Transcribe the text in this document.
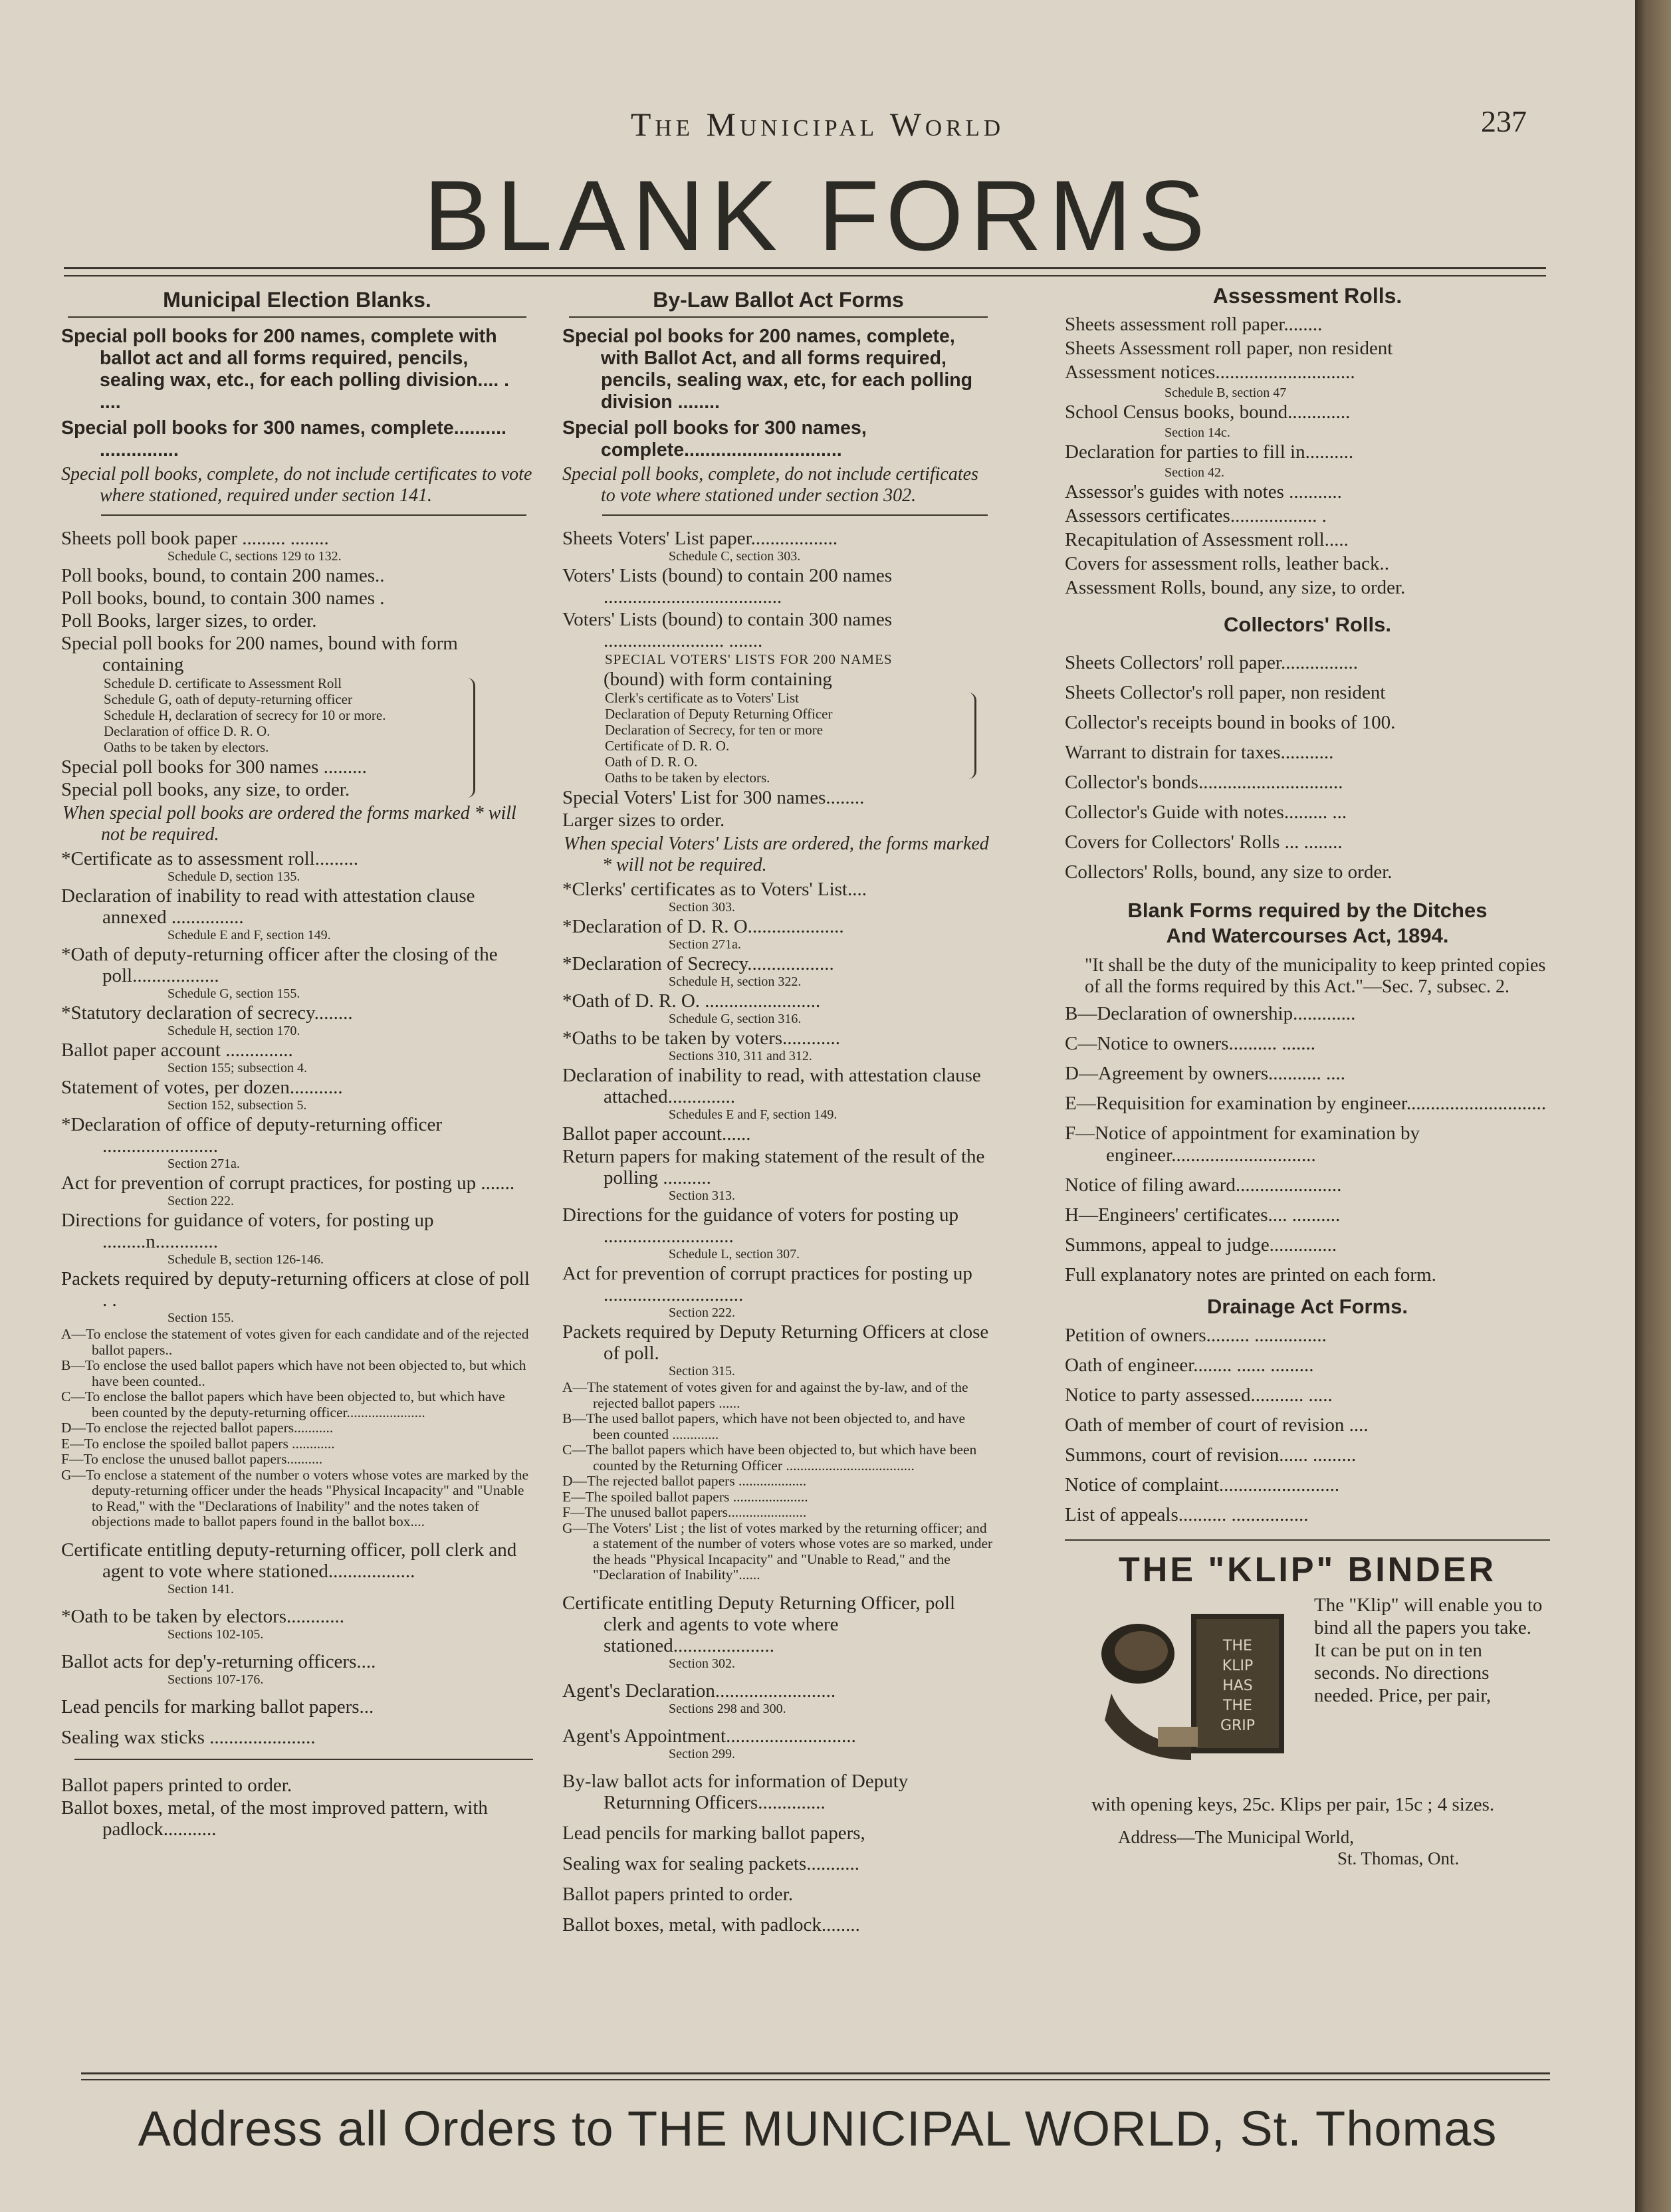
The Municipal World	237
BLANK FORMS
Municipal Election Blanks.
Special poll books for 200 names, complete with ballot act and all forms required, pencils, sealing wax, etc., for each polling division.... . ....
Special poll books for 300 names, complete.......... ...............
Special poll books, complete, do not include certificates to vote where stationed, required under section 141.
Sheets poll book paper ......... ........
Schedule C, sections 129 to 132.
Poll books, bound, to contain 200 names..
Poll books, bound, to contain 300 names .
Poll Books, larger sizes, to order.
Special poll books for 200 names, bound with form containing
Schedule D. certificate to Assessment Roll
Schedule G, oath of deputy-returning officer
Schedule H, declaration of secrecy for 10 or more.
Declaration of office D. R. O.
Oaths to be taken by electors.
Special poll books for 300 names .........
Special poll books, any size, to order.
When special poll books are ordered the forms marked * will not be required.
*Certificate as to assessment roll.........
Schedule D, section 135.
Declaration of inability to read with attestation clause annexed ...............
Schedule E and F, section 149.
*Oath of deputy-returning officer after the closing of the poll..................
Schedule G, section 155.
*Statutory declaration of secrecy........
Schedule H, section 170.
Ballot paper account ..............
Section 155; subsection 4.
Statement of votes, per dozen...........
Section 152, subsection 5.
*Declaration of office of deputy-returning officer ........................
Section 271a.
Act for prevention of corrupt practices, for posting up .......
Section 222.
Directions for guidance of voters, for posting up .........n.............
Schedule B, section 126-146.
Packets required by deputy-returning officers at close of poll . .
Section 155.
A—To enclose the statement of votes given for each candidate and of the rejected ballot papers..
B—To enclose the used ballot papers which have not been objected to, but which have been counted..
C—To enclose the ballot papers which have been objected to, but which have been counted by the deputy-returning officer......................
D—To enclose the rejected ballot papers...........
E—To enclose the spoiled ballot papers ............
F—To enclose the unused ballot papers..........
G—To enclose a statement of the number o voters whose votes are marked by the deputy-returning officer under the heads "Physical Incapacity" and "Unable to Read," with the "Declarations of Inability" and the notes taken of objections made to ballot papers found in the ballot box....
Certificate entitling deputy-returning officer, poll clerk and agent to vote where stationed..................
Section 141.
*Oath to be taken by electors............
Sections 102-105.
Ballot acts for dep'y-returning officers....
Sections 107-176.
Lead pencils for marking ballot papers...
Sealing wax sticks ......................
Ballot papers printed to order.
Ballot boxes, metal, of the most improved pattern, with padlock...........
By-Law Ballot Act Forms
Special pol books for 200 names, complete, with Ballot Act, and all forms required, pencils, sealing wax, etc, for each polling division ........
Special poll books for 300 names, complete..............................
Special poll books, complete, do not include certificates to vote where stationed under section 302.
Sheets Voters' List paper..................
Schedule C, section 303.
Voters' Lists (bound) to contain 200 names .....................................
Voters' Lists (bound) to contain 300 names ......................... .......
SPECIAL VOTERS' LISTS FOR 200 NAMES
(bound) with form containing
Clerk's certificate as to Voters' List
Declaration of Deputy Returning Officer
Declaration of Secrecy, for ten or more
Certificate of D. R. O.
Oath of D. R. O.
Oaths to be taken by electors.
Special Voters' List for 300 names........
Larger sizes to order.
When special Voters' Lists are ordered, the forms marked * will not be required.
*Clerks' certificates as to Voters' List....
Section 303.
*Declaration of D. R. O....................
Section 271a.
*Declaration of Secrecy..................
Schedule H, section 322.
*Oath of D. R. O. ........................
Schedule G, section 316.
*Oaths to be taken by voters............
Sections 310, 311 and 312.
Declaration of inability to read, with attestation clause attached..............
Schedules E and F, section 149.
Ballot paper account......
Return papers for making statement of the result of the polling ..........
Section 313.
Directions for the guidance of voters for posting up ...........................
Schedule L, section 307.
Act for prevention of corrupt practices for posting up .............................
Section 222.
Packets required by Deputy Returning Officers at close of poll.
Section 315.
A—The statement of votes given for and against the by-law, and of the rejected ballot papers ......
B—The used ballot papers, which have not been objected to, and have been counted .............
C—The ballot papers which have been objected to, but which have been counted by the Returning Officer ....................................
D—The rejected ballot papers ...................
E—The spoiled ballot papers .....................
F—The unused ballot papers......................
G—The Voters' List ; the list of votes marked by the returning officer; and a statement of the number of voters whose votes are so marked, under the heads "Physical Incapacity" and "Unable to Read," and the "Declaration of Inability"......
Certificate entitling Deputy Returning Officer, poll clerk and agents to vote where stationed.....................
Section 302.
Agent's Declaration.........................
Sections 298 and 300.
Agent's Appointment...........................
Section 299.
By-law ballot acts for information of Deputy Returnning Officers..............
Lead pencils for marking ballot papers,
Sealing wax for sealing packets...........
Ballot papers printed to order.
Ballot boxes, metal, with padlock........
Assessment Rolls.
Sheets assessment roll paper........
Sheets Assessment roll paper, non resident
Assessment notices.............................
Schedule B, section 47
School Census books, bound.............
Section 14c.
Declaration for parties to fill in..........
Section 42.
Assessor's guides with notes ...........
Assessors certificates.................. .
Recapitulation of Assessment roll.....
Covers for assessment rolls, leather back..
Assessment Rolls, bound, any size, to order.
Collectors' Rolls.
Sheets Collectors' roll paper................
Sheets Collector's roll paper, non resident
Collector's receipts bound in books of 100.
Warrant to distrain for taxes...........
Collector's bonds..............................
Collector's Guide with notes......... ...
Covers for Collectors' Rolls ... ........
Collectors' Rolls, bound, any size to order.
Blank Forms required by the Ditches
And Watercourses Act, 1894.
"It shall be the duty of the municipality to keep printed copies of all the forms required by this Act."—Sec. 7, subsec. 2.
B—Declaration of ownership.............
C—Notice to owners.......... .......
D—Agreement by owners........... ....
E—Requisition for examination by engineer.............................
F—Notice of appointment for examination by engineer..............................
Notice of filing award......................
H—Engineers' certificates.... ..........
Summons, appeal to judge..............
Full explanatory notes are printed on each form.
Drainage Act Forms.
Petition of owners......... ...............
Oath of engineer........ ...... .........
Notice to party assessed........... .....
Oath of member of court of revision ....
Summons, court of revision...... .........
Notice of complaint.........................
List of appeals.......... ................
THE "KLIP" BINDER
THE
KLIP
HAS
THE
GRIP
The "Klip" will enable you to bind all the papers you take. It can be put on in ten seconds. No directions needed. Price, per pair,
with opening keys, 25c. Klips per pair, 15c ; 4 sizes.
Address—The Municipal World,
St. Thomas, Ont.
Address all Orders to THE MUNICIPAL WORLD, St. Thomas
